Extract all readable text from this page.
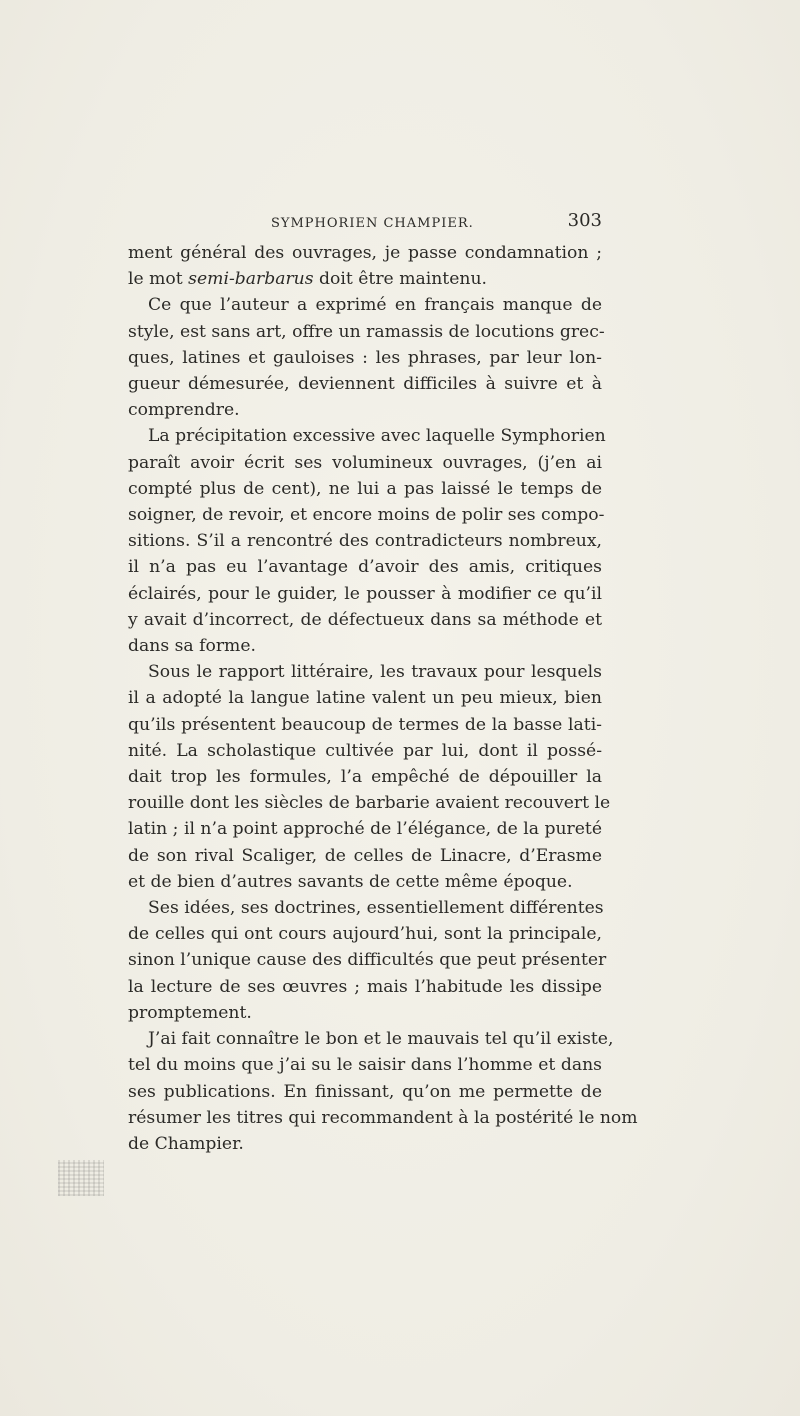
SYMPHORIEN CHAMPIER.	303

ment général des ouvrages, je passe condamnation ;
le mot semi-barbarus doit être maintenu.

Ce que l’auteur a exprimé en français manque de
style, est sans art, offre un ramassis de locutions grec-
ques, latines et gauloises : les phrases, par leur lon-
gueur démesurée, deviennent difficiles à suivre et à
comprendre.

La précipitation excessive avec laquelle Symphorien
paraît avoir écrit ses volumineux ouvrages, (j’en ai
compté plus de cent), ne lui a pas laissé le temps de
soigner, de revoir, et encore moins de polir ses compo-
sitions. S’il a rencontré des contradicteurs nombreux,
il n’a pas eu l’avantage d’avoir des amis, critiques
éclairés, pour le guider, le pousser à modifier ce qu’il
y avait d’incorrect, de défectueux dans sa méthode et
dans sa forme.

Sous le rapport littéraire, les travaux pour lesquels
il a adopté la langue latine valent un peu mieux, bien
qu’ils présentent beaucoup de termes de la basse lati-
nité. La scholastique cultivée par lui, dont il possé-
dait trop les formules, l’a empêché de dépouiller la
rouille dont les siècles de barbarie avaient recouvert le
latin ; il n’a point approché de l’élégance, de la pureté
de son rival Scaliger, de celles de Linacre, d’Erasme
et de bien d’autres savants de cette même époque.

Ses idées, ses doctrines, essentiellement différentes
de celles qui ont cours aujourd’hui, sont la principale,
sinon l’unique cause des difficultés que peut présenter
la lecture de ses œuvres ; mais l’habitude les dissipe
promptement.

J’ai fait connaître le bon et le mauvais tel qu’il existe,
tel du moins que j’ai su le saisir dans l’homme et dans
ses publications. En finissant, qu’on me permette de
résumer les titres qui recommandent à la postérité le nom
de Champier.
